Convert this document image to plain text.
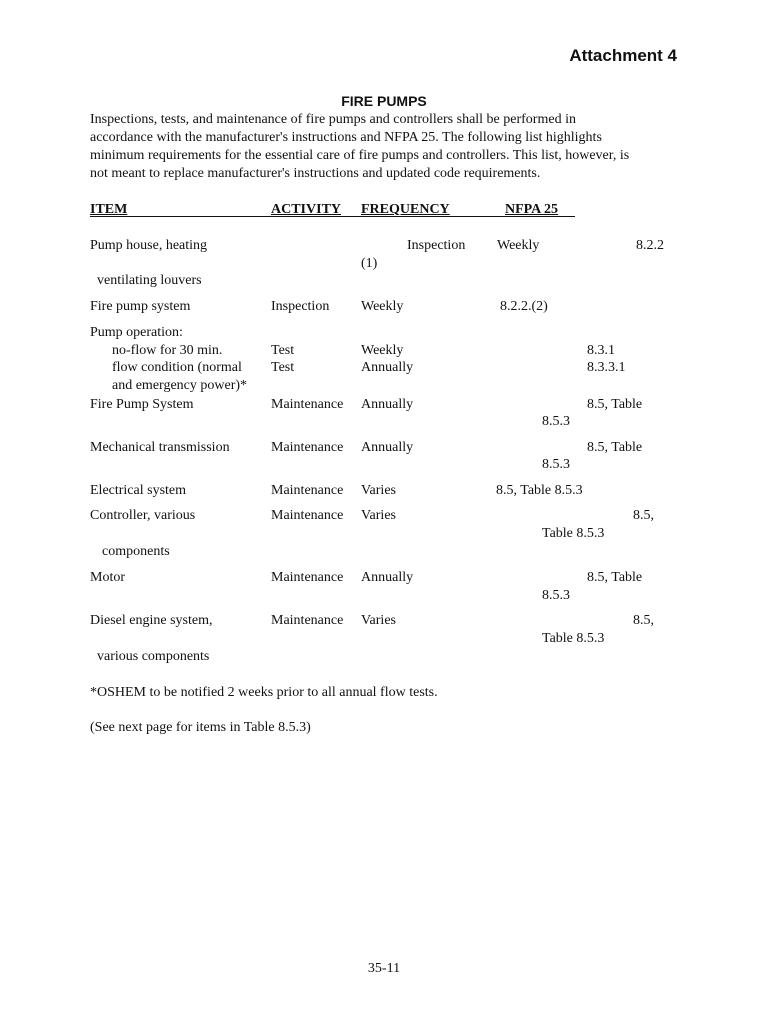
Attachment 4
FIRE PUMPS
Inspections, tests, and maintenance of fire pumps and controllers shall be performed in
accordance with the manufacturer's instructions and NFPA 25. The following list highlights
minimum requirements for the essential care of fire pumps and controllers. This list, however, is
not meant to replace manufacturer's instructions and updated code requirements.
ITEM	ACTIVITY FREQUENCY	NFPA 25
Pump house, heating	Inspection Weekly	8.2.2
(1)
ventilating louvers
Fire pump system	Inspection Weekly	8.2.2.(2)
Pump operation:
no-flow for 30 min.	Test	Weekly	8.3.1
flow condition (normal Test	Annually	8.3.3.1
and emergency power)*
Fire Pump System	Maintenance Annually	8.5, Table
8.5.3
Mechanical transmission	Maintenance Annually	8.5, Table
8.5.3
Electrical system	Maintenance Varies	8.5, Table 8.5.3
Controller, various	Maintenance Varies	8.5,
Table 8.5.3
components
Motor	Maintenance Annually	8.5, Table
8.5.3
Diesel engine system,	Maintenance Varies	8.5,
Table 8.5.3
various components
*OSHEM to be notified 2 weeks prior to all annual flow tests.
(See next page for items in Table 8.5.3)
35-11
